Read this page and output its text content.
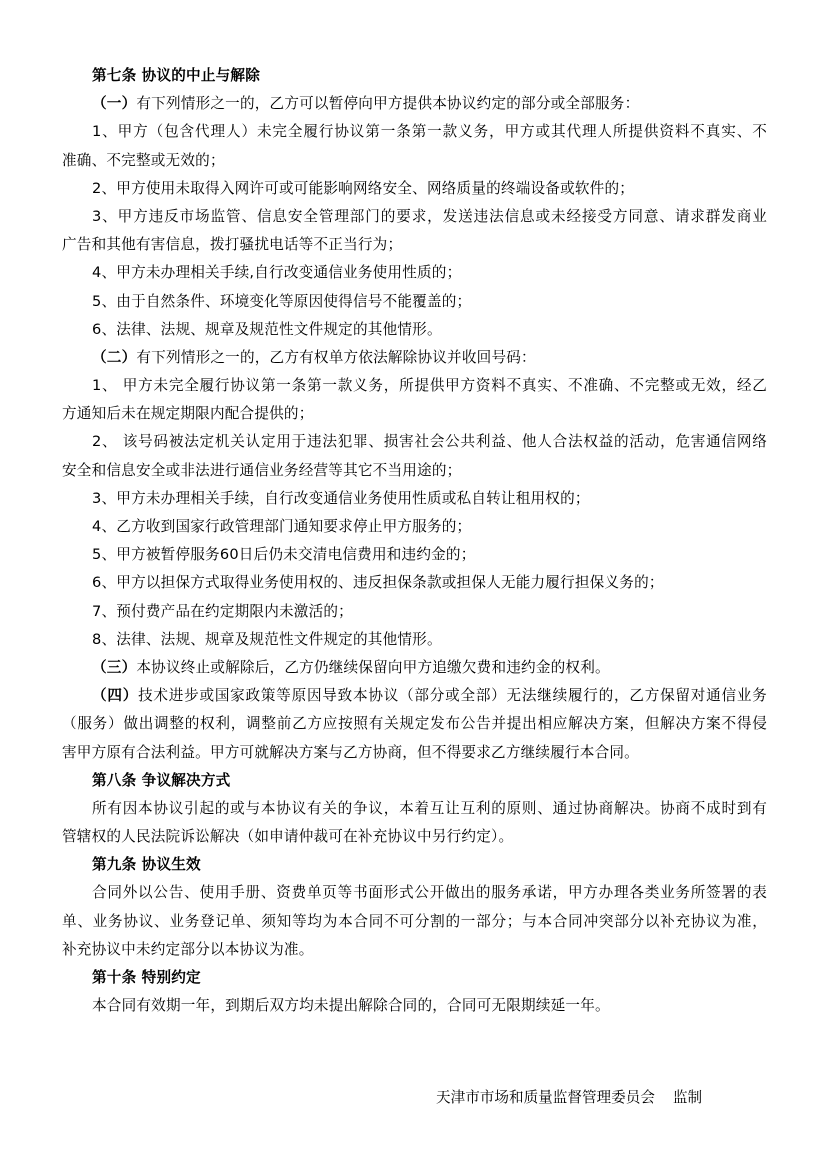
第七条 协议的中止与解除
（一）有下列情形之一的，乙方可以暂停向甲方提供本协议约定的部分或全部服务：
1、甲方（包含代理人）未完全履行协议第一条第一款义务，甲方或其代理人所提供资料不真实、不
准确、不完整或无效的；
2、甲方使用未取得入网许可或可能影响网络安全、网络质量的终端设备或软件的；
3、甲方违反市场监管、信息安全管理部门的要求，发送违法信息或未经接受方同意、请求群发商业
广告和其他有害信息，拨打骚扰电话等不正当行为；
4、甲方未办理相关手续,自行改变通信业务使用性质的；
5、由于自然条件、环境变化等原因使得信号不能覆盖的；
6、法律、法规、规章及规范性文件规定的其他情形。
（二）有下列情形之一的，乙方有权单方依法解除协议并收回号码：
1、 甲方未完全履行协议第一条第一款义务，所提供甲方资料不真实、不准确、不完整或无效，经乙
方通知后未在规定期限内配合提供的；
2、 该号码被法定机关认定用于违法犯罪、损害社会公共利益、他人合法权益的活动，危害通信网络
安全和信息安全或非法进行通信业务经营等其它不当用途的；
3、甲方未办理相关手续，自行改变通信业务使用性质或私自转让租用权的；
4、乙方收到国家行政管理部门通知要求停止甲方服务的；
5、甲方被暂停服务60日后仍未交清电信费用和违约金的；
6、甲方以担保方式取得业务使用权的、违反担保条款或担保人无能力履行担保义务的；
7、预付费产品在约定期限内未激活的；
8、法律、法规、规章及规范性文件规定的其他情形。
（三）本协议终止或解除后，乙方仍继续保留向甲方追缴欠费和违约金的权利。
（四）技术进步或国家政策等原因导致本协议（部分或全部）无法继续履行的，乙方保留对通信业务
（服务）做出调整的权利，调整前乙方应按照有关规定发布公告并提出相应解决方案，但解决方案不得侵
害甲方原有合法利益。甲方可就解决方案与乙方协商，但不得要求乙方继续履行本合同。
第八条 争议解决方式
所有因本协议引起的或与本协议有关的争议，本着互让互利的原则、通过协商解决。协商不成时到有
管辖权的人民法院诉讼解决（如申请仲裁可在补充协议中另行约定）。
第九条 协议生效
合同外以公告、使用手册、资费单页等书面形式公开做出的服务承诺，甲方办理各类业务所签署的表
单、业务协议、业务登记单、须知等均为本合同不可分割的一部分；与本合同冲突部分以补充协议为准，
补充协议中未约定部分以本协议为准。
第十条 特别约定
本合同有效期一年，到期后双方均未提出解除合同的，合同可无限期续延一年。
天津市市场和质量监督管理委员会 监制
